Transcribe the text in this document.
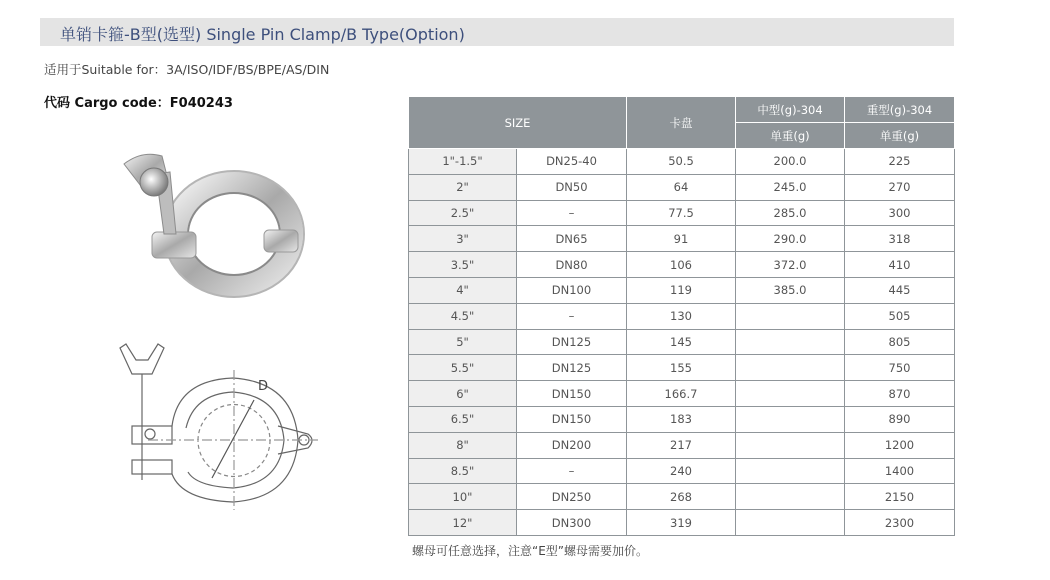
单销卡箍-B型(选型) Single Pin Clamp/B Type(Option)
适用于Suitable for：3A/ISO/IDF/BS/BPE/AS/DIN
代码 Cargo code：F040243
D
SIZE		卡盘	中型(g)-304	重型(g)-304
			单重(g)	单重(g)
1"-1.5"	DN25-40	50.5	200.0	225
2"	DN50	64	245.0	270
2.5"	–	77.5	285.0	300
3"	DN65	91	290.0	318
3.5"	DN80	106	372.0	410
4"	DN100	119	385.0	445
4.5"	–	130		505
5"	DN125	145		805
5.5"	DN125	155		750
6"	DN150	166.7		870
6.5"	DN150	183		890
8"	DN200	217		1200
8.5"	–	240		1400
10"	DN250	268		2150
12"	DN300	319		2300
螺母可任意选择，注意“E型”螺母需要加价。
